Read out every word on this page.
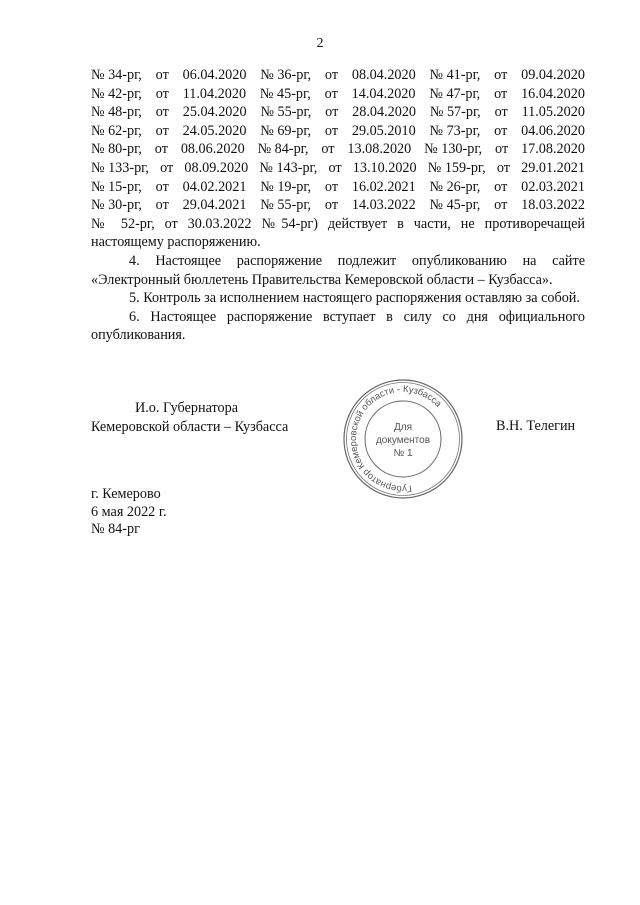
2
№ 34-рг, от 06.04.2020 № 36-рг, от 08.04.2020 № 41-рг, от 09.04.2020
№ 42-рг, от 11.04.2020 № 45-рг, от 14.04.2020 № 47-рг, от 16.04.2020
№ 48-рг, от 25.04.2020 № 55-рг, от 28.04.2020 № 57-рг, от 11.05.2020
№ 62-рг, от 24.05.2020 № 69-рг, от 29.05.2010 № 73-рг, от 04.06.2020
№ 80-рг, от 08.06.2020 № 84-рг, от 13.08.2020 № 130-рг, от 17.08.2020
№ 133-рг, от 08.09.2020 № 143-рг, от 13.10.2020 № 159-рг, от 29.01.2021
№ 15-рг, от 04.02.2021 № 19-рг, от 16.02.2021 № 26-рг, от 02.03.2021
№ 30-рг, от 29.04.2021 № 55-рг, от 14.03.2022 № 45-рг, от 18.03.2022

№ 52-рг, от 30.03.2022 №54-рг) действует в части, не противоречащей настоящему распоряжению.

4. Настоящее распоряжение подлежит опубликованию на сайте «Электронный бюллетень Правительства Кемеровской области – Кузбасса».

5. Контроль за исполнением настоящего распоряжения оставляю за собой.

6. Настоящее распоряжение вступает в силу со дня официального опубликования.

И.о. Губернатора
Кемеровской области – Кузбасса	В.Н. Телегин
Губернатор Кемеровской области - Кузбасса
Для
документов
№ 1
г. Кемерово
6 мая 2022 г.
№ 84-рг
